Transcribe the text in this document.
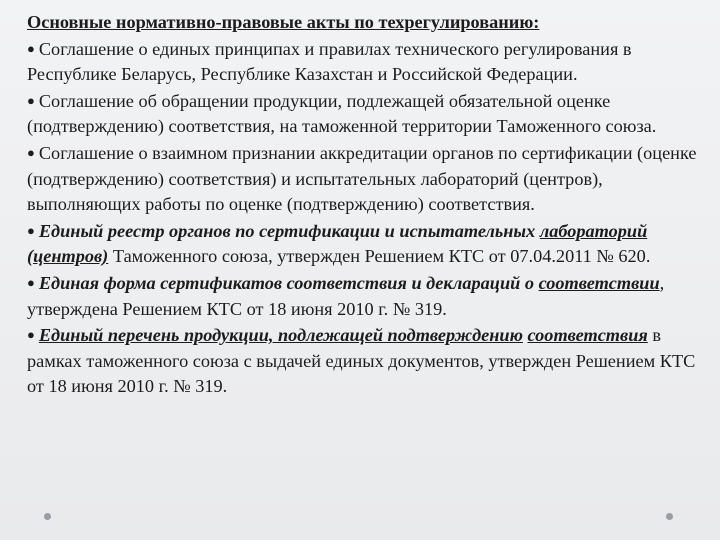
Основные нормативно-правовые акты по техрегулированию:

● Соглашение о единых принципах и правилах технического регулирования в Республике Беларусь, Республике Казахстан и Российской Федерации.

● Соглашение об обращении продукции, подлежащей обязательной оценке (подтверждению) соответствия, на таможенной территории Таможенного союза.

● Соглашение о взаимном признании аккредитации органов по сертификации (оценке (подтверждению) соответствия) и испытательных лабораторий (центров), выполняющих работы по оценке (подтверждению) соответствия.

● Единый реестр органов по сертификации и испытательных лабораторий (центров) Таможенного союза, утвержден Решением КТС от 07.04.2011 № 620.

● Единая форма сертификатов соответствия и деклараций о соответствии, утверждена Решением КТС от 18 июня 2010 г. № 319.

● Единый перечень продукции, подлежащей подтверждению соответствия в рамках таможенного союза с выдачей единых документов, утвержден Решением КТС от 18 июня 2010 г. № 319.
